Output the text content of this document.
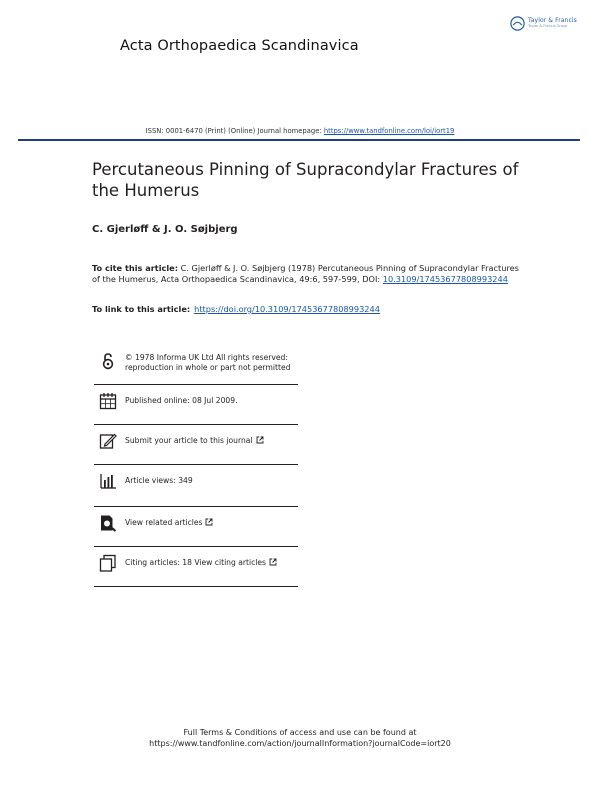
Acta Orthopaedica Scandinavica
Taylor & Francis
Taylor & Francis Group
ISSN: 0001-6470 (Print) (Online) Journal homepage: https://www.tandfonline.com/loi/iort19
Percutaneous Pinning of Supracondylar Fractures of the Humerus
C. Gjerløff & J. O. Søjbjerg
To cite this article: C. Gjerløff & J. O. Søjbjerg (1978) Percutaneous Pinning of Supracondylar Fractures of the Humerus, Acta Orthopaedica Scandinavica, 49:6, 597-599, DOI: 10.3109/17453677808993244
To link to this article: https://doi.org/10.3109/17453677808993244
© 1978 Informa UK Ltd All rights reserved: reproduction in whole or part not permitted
Published online: 08 Jul 2009.
Submit your article to this journal
Article views: 349
View related articles
Citing articles: 18 View citing articles
Full Terms & Conditions of access and use can be found at
https://www.tandfonline.com/action/journalInformation?journalCode=iort20
